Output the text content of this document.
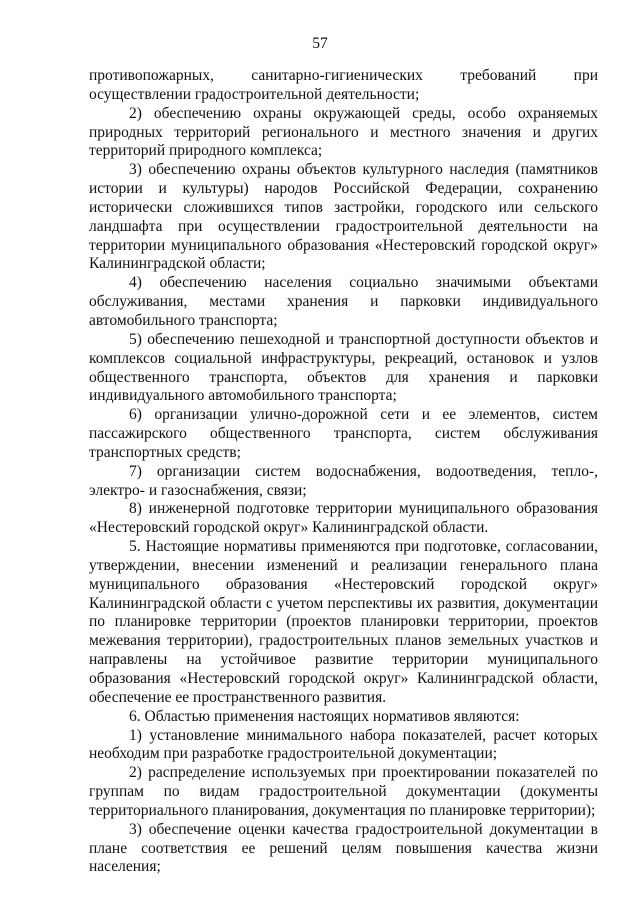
57

противопожарных, санитарно-гигиенических требований при осуществлении градостроительной деятельности;

2) обеспечению охраны окружающей среды, особо охраняемых природных территорий регионального и местного значения и других территорий природного комплекса;

3) обеспечению охраны объектов культурного наследия (памятников истории и культуры) народов Российской Федерации, сохранению исторически сложившихся типов застройки, городского или сельского ландшафта при осуществлении градостроительной деятельности на территории муниципального образования «Нестеровский городской округ» Калининградской области;

4) обеспечению населения социально значимыми объектами обслуживания, местами хранения и парковки индивидуального автомобильного транспорта;

5) обеспечению пешеходной и транспортной доступности объектов и комплексов социальной инфраструктуры, рекреаций, остановок и узлов общественного транспорта, объектов для хранения и парковки индивидуального автомобильного транспорта;

6) организации улично-дорожной сети и ее элементов, систем пассажирского общественного транспорта, систем обслуживания транспортных средств;

7) организации систем водоснабжения, водоотведения, тепло-, электро- и газоснабжения, связи;

8) инженерной подготовке территории муниципального образования «Нестеровский городской округ» Калининградской области.

5. Настоящие нормативы применяются при подготовке, согласовании, утверждении, внесении изменений и реализации генерального плана муниципального образования «Нестеровский городской округ» Калининградской области с учетом перспективы их развития, документации по планировке территории (проектов планировки территории, проектов межевания территории), градостроительных планов земельных участков и направлены на устойчивое развитие территории муниципального образования «Нестеровский городской округ» Калининградской области, обеспечение ее пространственного развития.

6. Областью применения настоящих нормативов являются:

1) установление минимального набора показателей, расчет которых необходим при разработке градостроительной документации;

2) распределение используемых при проектировании показателей по группам по видам градостроительной документации (документы территориального планирования, документация по планировке территории);

3) обеспечение оценки качества градостроительной документации в плане соответствия ее решений целям повышения качества жизни населения;
